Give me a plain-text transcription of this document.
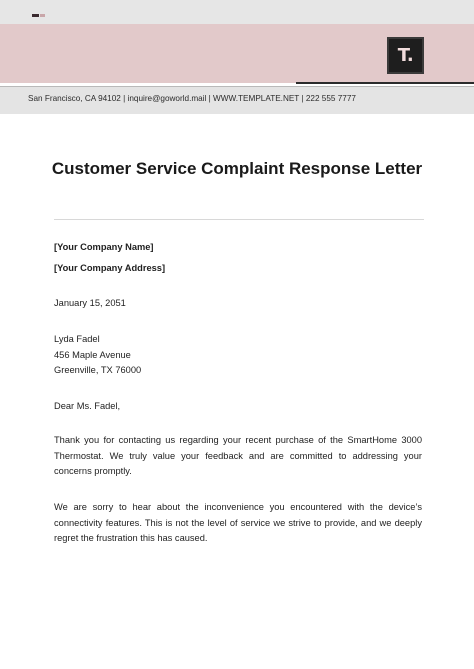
T.
San Francisco, CA 94102 | inquire@goworld.mail | WWW.TEMPLATE.NET | 222 555 7777
Customer Service Complaint Response Letter
[Your Company Name]
[Your Company Address]
January 15, 2051
Lyda Fadel
456 Maple Avenue
Greenville, TX 76000
Dear Ms. Fadel,
Thank you for contacting us regarding your recent purchase of the SmartHome 3000 Thermostat. We truly value your feedback and are committed to addressing your concerns promptly.
We are sorry to hear about the inconvenience you encountered with the device’s connectivity features. This is not the level of service we strive to provide, and we deeply regret the frustration this has caused.
